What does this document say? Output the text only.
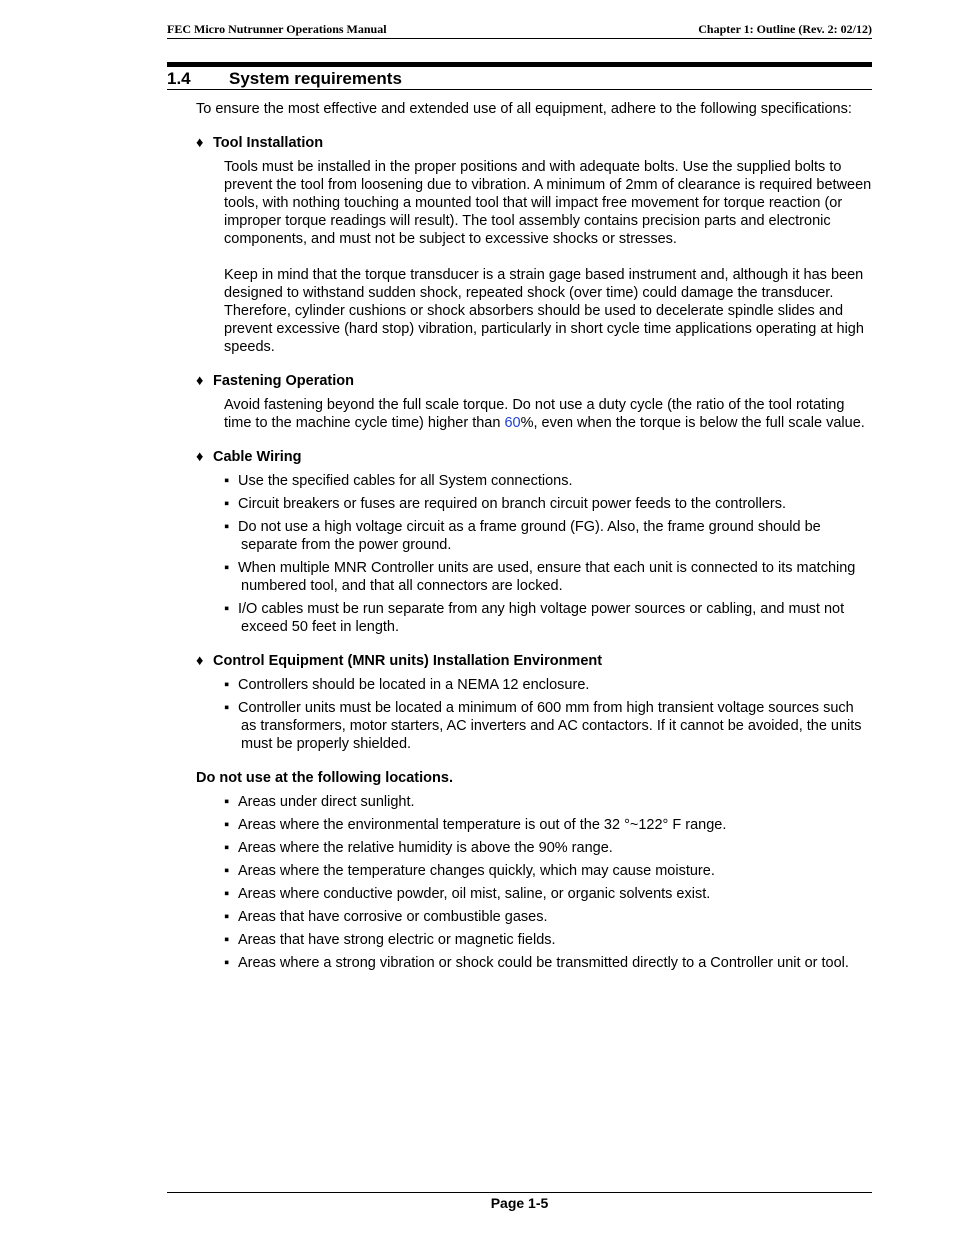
FEC Micro Nutrunner Operations Manual	Chapter 1: Outline (Rev. 2: 02/12)
1.4 System requirements

To ensure the most effective and extended use of all equipment, adhere to the following specifications:

♦ Tool Installation

Tools must be installed in the proper positions and with adequate bolts. Use the supplied bolts to prevent the tool from loosening due to vibration. A minimum of 2mm of clearance is required between tools, with nothing touching a mounted tool that will impact free movement for torque reaction (or improper torque readings will result). The tool assembly contains precision parts and electronic components, and must not be subject to excessive shocks or stresses.

Keep in mind that the torque transducer is a strain gage based instrument and, although it has been designed to withstand sudden shock, repeated shock (over time) could damage the transducer. Therefore, cylinder cushions or shock absorbers should be used to decelerate spindle slides and prevent excessive (hard stop) vibration, particularly in short cycle time applications operating at high speeds.

♦ Fastening Operation

Avoid fastening beyond the full scale torque. Do not use a duty cycle (the ratio of the tool rotating time to the machine cycle time) higher than 60%, even when the torque is below the full scale value.

♦ Cable Wiring
▪ Use the specified cables for all System connections.
▪ Circuit breakers or fuses are required on branch circuit power feeds to the controllers.
▪ Do not use a high voltage circuit as a frame ground (FG). Also, the frame ground should be separate from the power ground.
▪ When multiple MNR Controller units are used, ensure that each unit is connected to its matching numbered tool, and that all connectors are locked.
▪ I/O cables must be run separate from any high voltage power sources or cabling, and must not exceed 50 feet in length.
♦ Control Equipment (MNR units) Installation Environment
▪ Controllers should be located in a NEMA 12 enclosure.
▪ Controller units must be located a minimum of 600 mm from high transient voltage sources such as transformers, motor starters, AC inverters and AC contactors. If it cannot be avoided, the units must be properly shielded.
Do not use at the following locations.
▪ Areas under direct sunlight.
▪ Areas where the environmental temperature is out of the 32 °~122° F range.
▪ Areas where the relative humidity is above the 90% range.
▪ Areas where the temperature changes quickly, which may cause moisture.
▪ Areas where conductive powder, oil mist, saline, or organic solvents exist.
▪ Areas that have corrosive or combustible gases.
▪ Areas that have strong electric or magnetic fields.
▪ Areas where a strong vibration or shock could be transmitted directly to a Controller unit or tool.
Page 1-5
